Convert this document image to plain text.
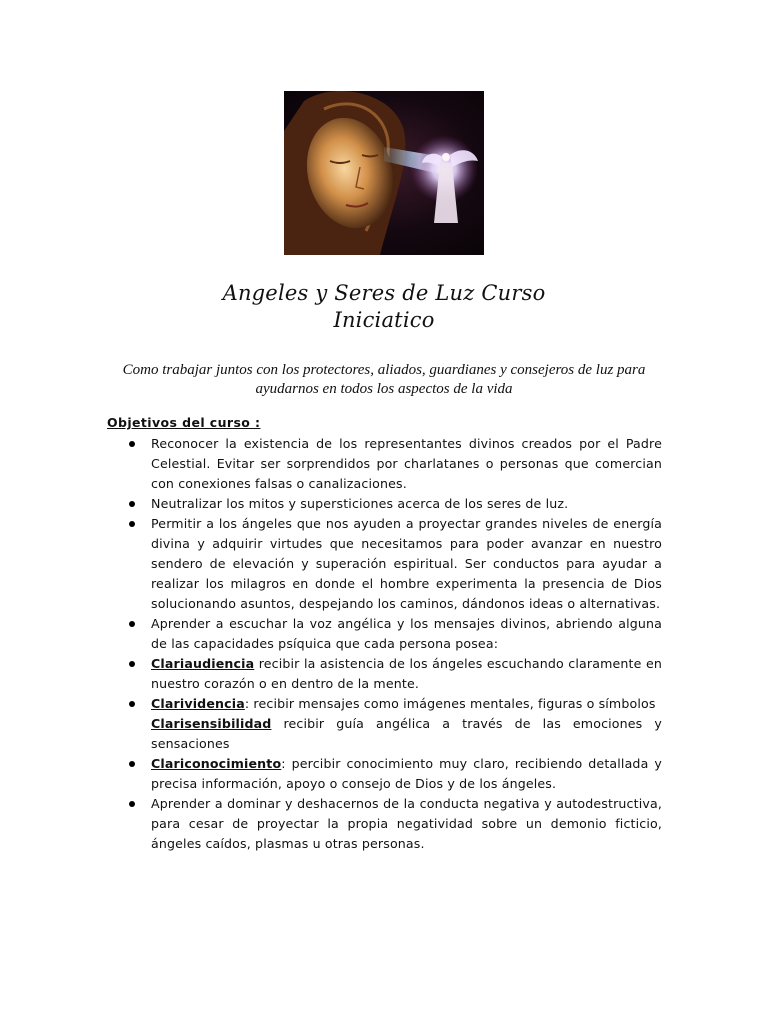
Angeles y Seres de Luz Curso
Iniciatico
Como trabajar juntos con los protectores, aliados, guardianes y consejeros de luz para ayudarnos en todos los aspectos de la vida
Objetivos del curso :
Reconocer la existencia de los representantes divinos creados por el Padre Celestial. Evitar ser sorprendidos por charlatanes o personas que comercian con conexiones falsas o canalizaciones.
Neutralizar los mitos y supersticiones acerca de los seres de luz.
Permitir a los ángeles que nos ayuden a proyectar grandes niveles de energía divina y adquirir virtudes que necesitamos para poder avanzar en nuestro sendero de elevación y superación espiritual. Ser conductos para ayudar a realizar los milagros en donde el hombre experimenta la presencia de Dios solucionando asuntos, despejando los caminos, dándonos ideas o alternativas.
Aprender a escuchar la voz angélica y los mensajes divinos, abriendo alguna de las capacidades psíquica que cada persona posea:
Clariaudiencia recibir la asistencia de los ángeles escuchando claramente en nuestro corazón o en dentro de la mente.
Clarividencia: recibir mensajes como imágenes mentales, figuras o símbolos
Clarisensibilidad recibir guía angélica a través de las emociones y sensaciones
Clariconocimiento: percibir conocimiento muy claro, recibiendo detallada y precisa información, apoyo o consejo de Dios y de los ángeles.
Aprender a dominar y deshacernos de la conducta negativa y autodestructiva, para cesar de proyectar la propia negatividad sobre un demonio ficticio, ángeles caídos, plasmas u otras personas.
